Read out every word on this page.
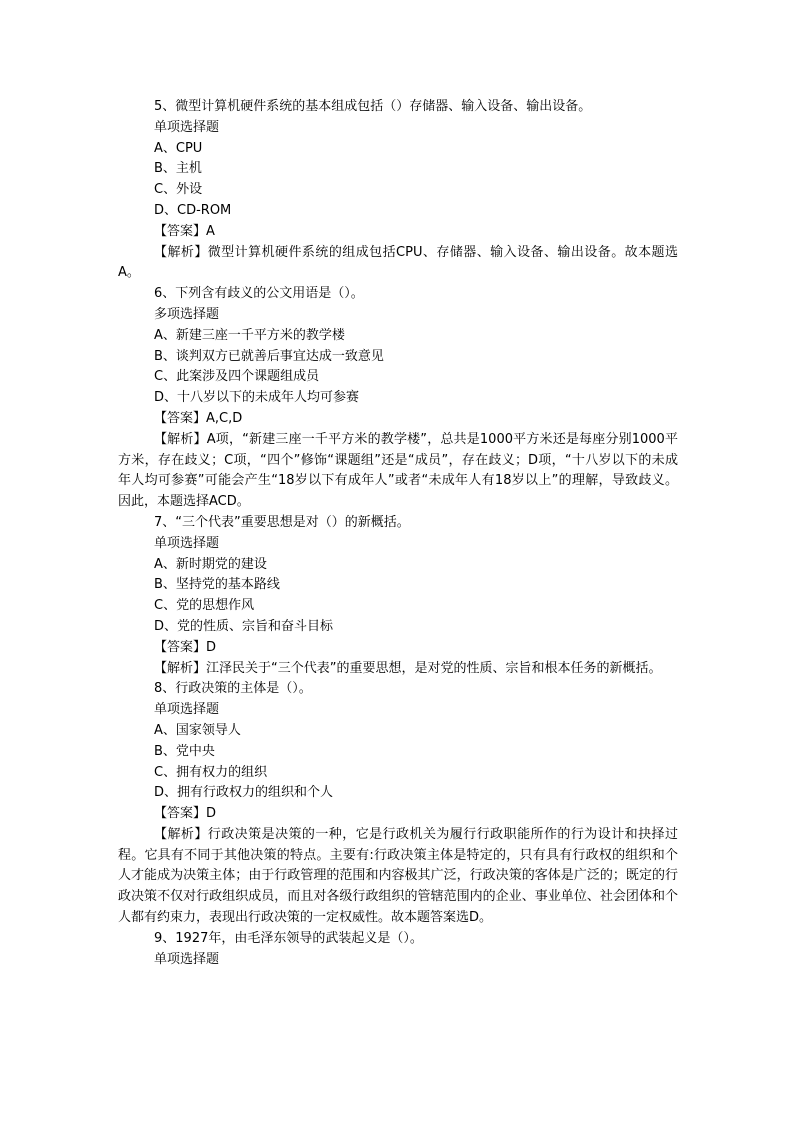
5、微型计算机硬件系统的基本组成包括（）存储器、输入设备、输出设备。
单项选择题
A、CPU
B、主机
C、外设
D、CD-ROM
【答案】A
【解析】微型计算机硬件系统的组成包括CPU、存储器、输入设备、输出设备。故本题选A。
6、下列含有歧义的公文用语是（）。
多项选择题
A、新建三座一千平方米的教学楼
B、谈判双方已就善后事宜达成一致意见
C、此案涉及四个课题组成员
D、十八岁以下的未成年人均可参赛
【答案】A,C,D
【解析】A项，“新建三座一千平方米的教学楼”，总共是1000平方米还是每座分别1000平方米，存在歧义；C项，“四个”修饰“课题组”还是“成员”，存在歧义；D项，“十八岁以下的未成年人均可参赛”可能会产生“18岁以下有成年人”或者“未成年人有18岁以上”的理解，导致歧义。因此，本题选择ACD。
7、“三个代表”重要思想是对（）的新概括。
单项选择题
A、新时期党的建设
B、坚持党的基本路线
C、党的思想作风
D、党的性质、宗旨和奋斗目标
【答案】D
【解析】江泽民关于“三个代表”的重要思想，是对党的性质、宗旨和根本任务的新概括。
8、行政决策的主体是（）。
单项选择题
A、国家领导人
B、党中央
C、拥有权力的组织
D、拥有行政权力的组织和个人
【答案】D
【解析】行政决策是决策的一种，它是行政机关为履行行政职能所作的行为设计和抉择过程。它具有不同于其他决策的特点。主要有:行政决策主体是特定的，只有具有行政权的组织和个人才能成为决策主体；由于行政管理的范围和内容极其广泛，行政决策的客体是广泛的；既定的行政决策不仅对行政组织成员，而且对各级行政组织的管辖范围内的企业、事业单位、社会团体和个人都有约束力，表现出行政决策的一定权威性。故本题答案选D。
9、1927年，由毛泽东领导的武装起义是（）。
单项选择题
